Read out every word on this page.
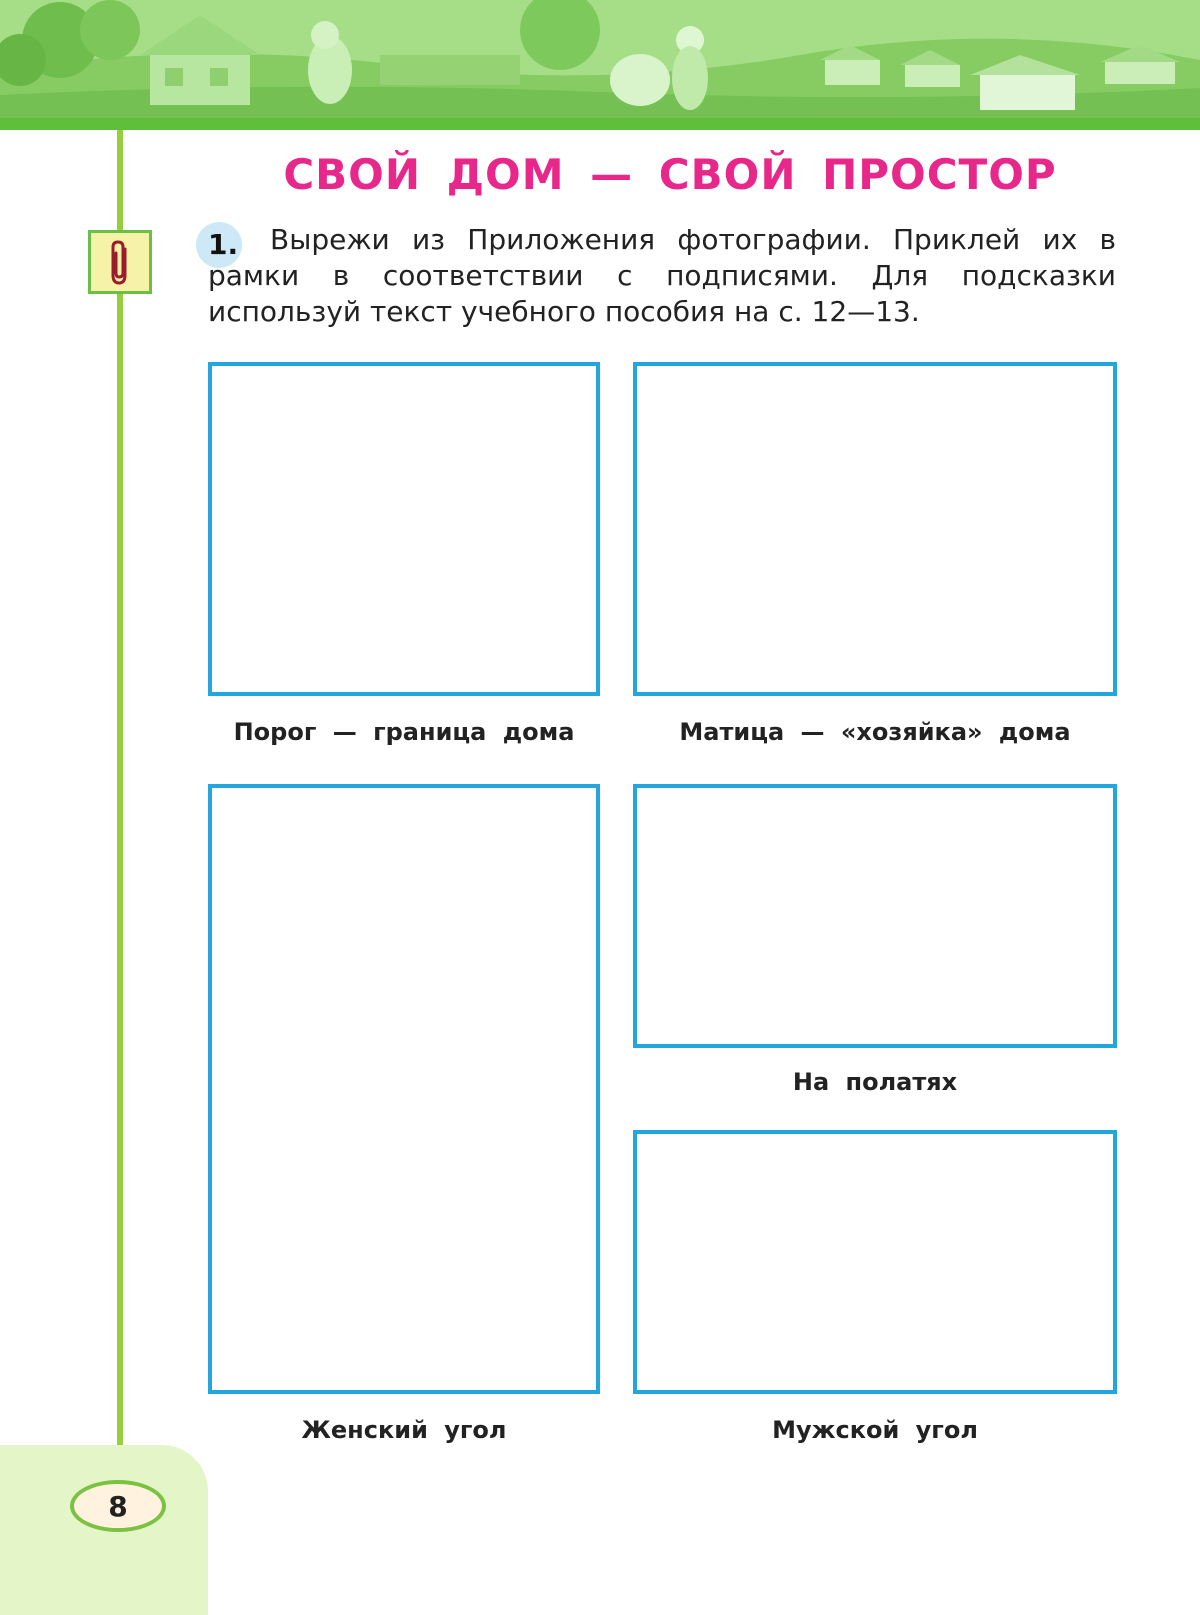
8
СВОЙ ДОМ — СВОЙ ПРОСТОР
1.	Вырежи из Приложения фотографии. Приклей их в рамки в соответствии с подписями. Для подсказки используй текст учебного пособия на с. 12—13.
Порог — граница дома	Матица — «хозяйка» дома
Женский угол
На полатях
Мужской угол
